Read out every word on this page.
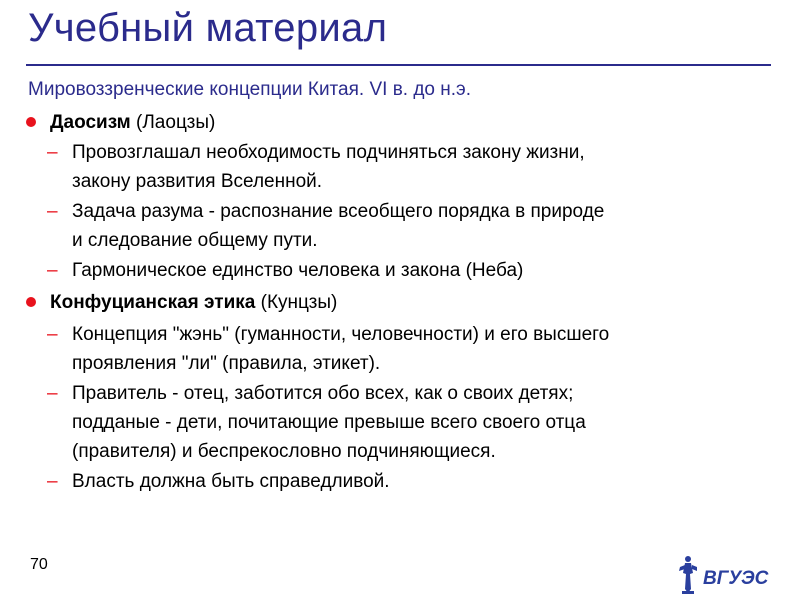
Учебный материал
Мировоззренческие концепции Китая. VI в. до н.э.
Даосизм (Лаоцзы)
– Провозглашал необходимость подчиняться закону жизни,
закону развития Вселенной.
– Задача разума - распознание всеобщего порядка в природе
и следование общему пути.
– Гармоническое единство человека и закона (Неба)
Конфуцианская этика (Кунцзы)
– Концепция "жэнь" (гуманности, человечности) и его высшего
проявления "ли" (правила, этикет).
– Правитель - отец, заботится обо всех, как о своих детях;
подданые - дети, почитающие превыше всего своего отца
(правителя) и беспрекословно подчиняющиеся.
– Власть должна быть справедливой.
70
ВГУЭС
